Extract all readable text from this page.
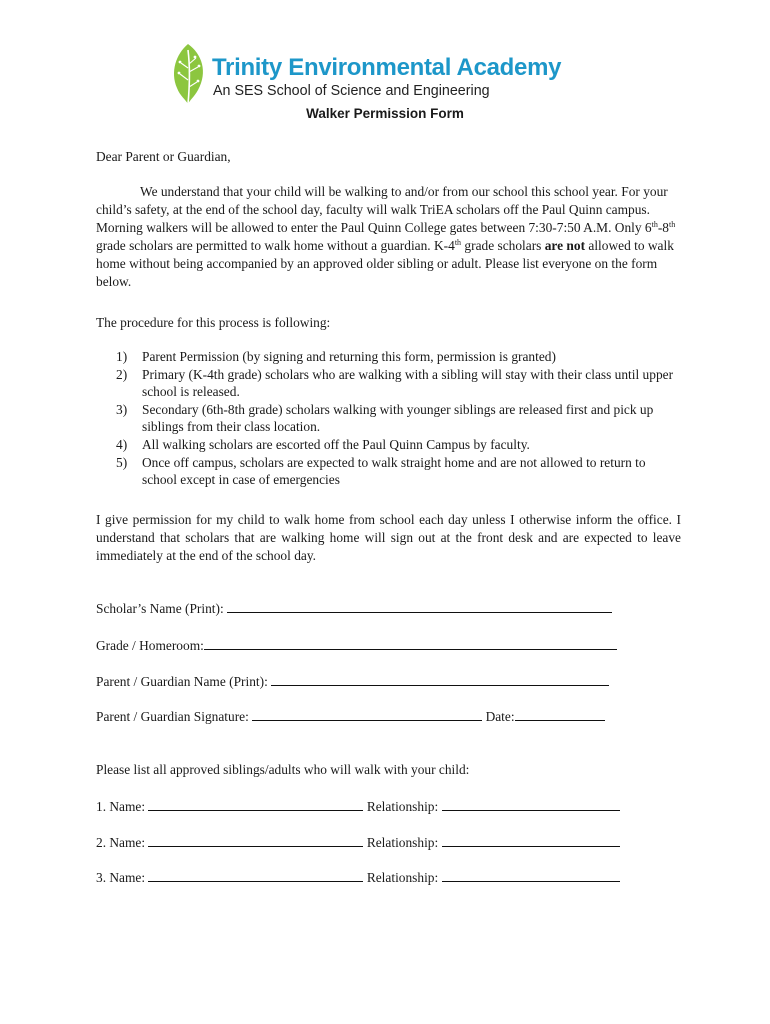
Trinity Environmental Academy
An SES School of Science and Engineering
Walker Permission Form
Dear Parent or Guardian,
We understand that your child will be walking to and/or from our school this school year. For your child’s safety, at the end of the school day, faculty will walk TriEA scholars off the Paul Quinn campus. Morning walkers will be allowed to enter the Paul Quinn College gates between 7:30-7:50 A.M. Only 6th-8th grade scholars are permitted to walk home without a guardian. K-4th grade scholars are not allowed to walk home without being accompanied by an approved older sibling or adult. Please list everyone on the form below.
The procedure for this process is following:
1) Parent Permission (by signing and returning this form, permission is granted)
2) Primary (K-4th grade) scholars who are walking with a sibling will stay with their class until upper school is released.
3) Secondary (6th-8th grade) scholars walking with younger siblings are released first and pick up siblings from their class location.
4) All walking scholars are escorted off the Paul Quinn Campus by faculty.
5) Once off campus, scholars are expected to walk straight home and are not allowed to return to school except in case of emergencies
I give permission for my child to walk home from school each day unless I otherwise inform the office. I understand that scholars that are walking home will sign out at the front desk and are expected to leave immediately at the end of the school day.
Scholar’s Name (Print):
Grade / Homeroom:
Parent / Guardian Name (Print):
Parent / Guardian Signature:	Date:
Please list all approved siblings/adults who will walk with your child:
1. Name:	Relationship:
2. Name:	Relationship:
3. Name:	Relationship:
